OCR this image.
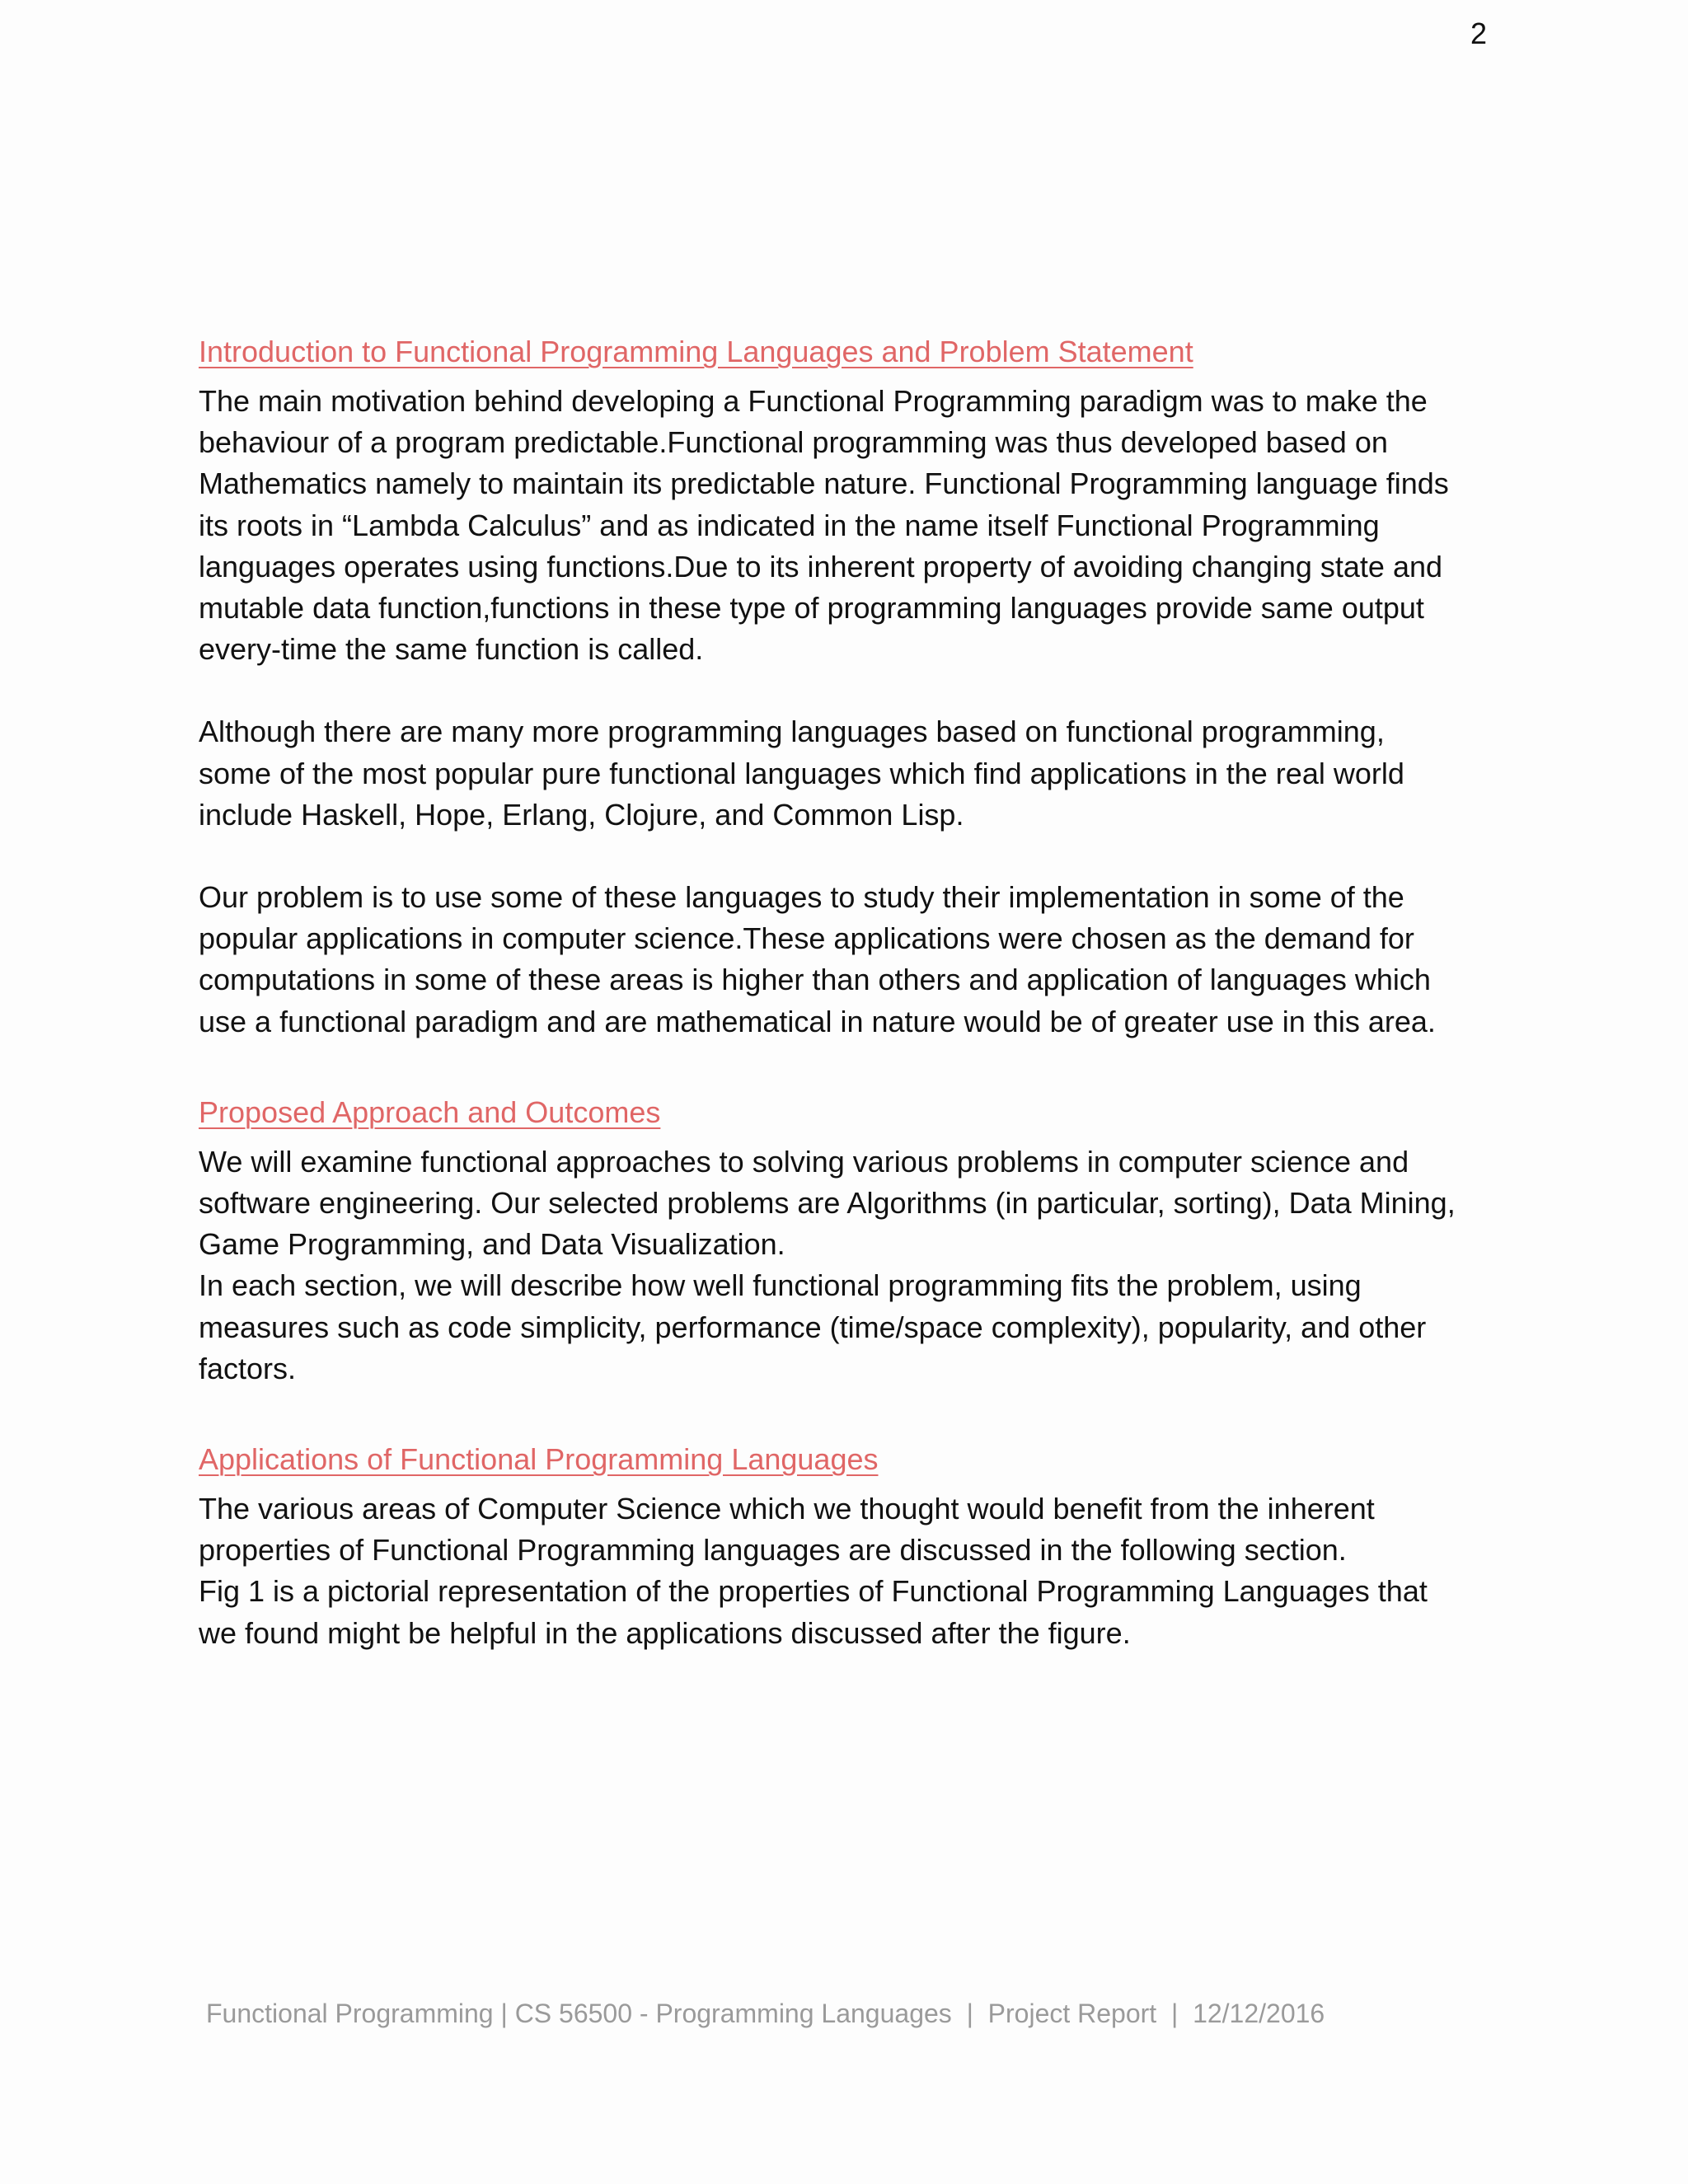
2
Introduction to Functional Programming Languages and Problem Statement

The main motivation behind developing a Functional Programming paradigm was to make the
behaviour of a program predictable.Functional programming was thus developed based on
Mathematics namely to maintain its predictable nature. Functional Programming language finds
its roots in “Lambda Calculus” and as indicated in the name itself Functional Programming
languages operates using functions.Due to its inherent property of avoiding changing state and
mutable data function,functions in these type of programming languages provide same output
every-time the same function is called.

Although there are many more programming languages based on functional programming,
some of the most popular pure functional languages which find applications in the real world
include Haskell, Hope, Erlang, Clojure, and Common Lisp.

Our problem is to use some of these languages to study their implementation in some of the
popular applications in computer science.These applications were chosen as the demand for
computations in some of these areas is higher than others and application of languages which
use a functional paradigm and are mathematical in nature would be of greater use in this area.

Proposed Approach and Outcomes

We will examine functional approaches to solving various problems in computer science and
software engineering. Our selected problems are Algorithms (in particular, sorting), Data Mining,
Game Programming, and Data Visualization.
In each section, we will describe how well functional programming fits the problem, using
measures such as code simplicity, performance (time/space complexity), popularity, and other
factors.

Applications of Functional Programming Languages

The various areas of Computer Science which we thought would benefit from the inherent
properties of Functional Programming languages are discussed in the following section.
Fig 1 is a pictorial representation of the properties of Functional Programming Languages that
we found might be helpful in the applications discussed after the figure.

Functional Programming | CS 56500 - Programming Languages  |  Project Report  |  12/12/2016
